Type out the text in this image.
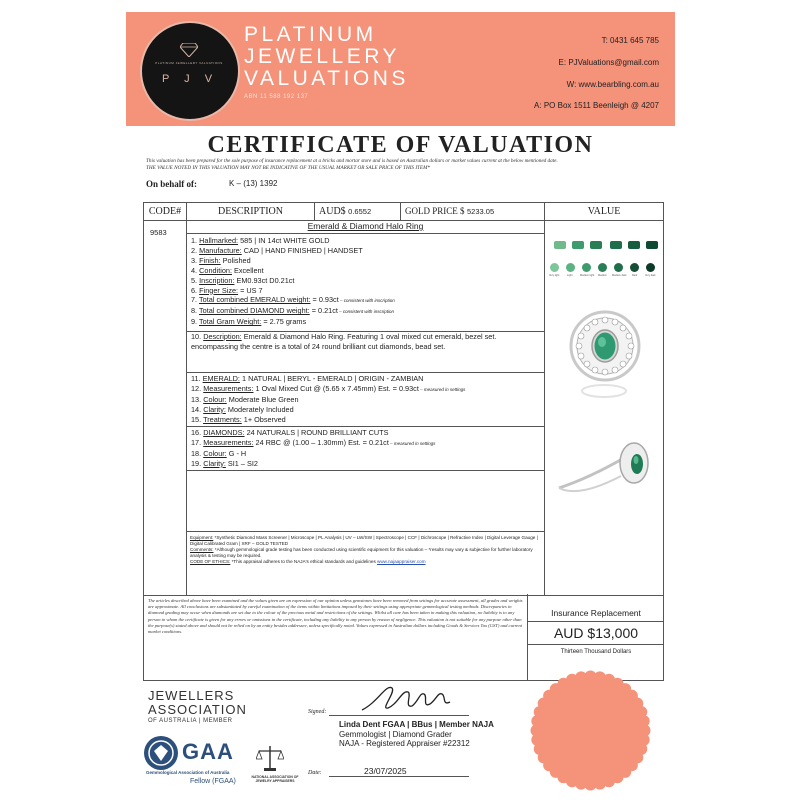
PLATINUM JEWELLERY VALUATIONS
P J V
PLATINUM
JEWELLERY
VALUATIONS
ABN 11 588 192 137
T: 0431 645 785
E: PJValuations@gmail.com
W: www.bearbling.com.au
A: PO Box 1511 Beenleigh @ 4207
CERTIFICATE OF VALUATION
This valuation has been prepared for the sole purpose of insurance replacement at a bricks and mortar store and is based on Australian dollars or market values current at the below mentioned date.
THE VALUE NOTED IN THIS VALUATION MAY NOT BE INDICATIVE OF THE USUAL MARKET OR SALE PRICE OF THIS ITEM*
On behalf of:	K – (13) 1392
CODE#	DESCRIPTION	AUD$ 0.6552	GOLD PRICE $ 5233.05	VALUE
9583
Emerald & Diamond Halo Ring
1. Hallmarked: 585 | IN 14ct WHITE GOLD
2. Manufacture: CAD | HAND FINISHED | HANDSET
3. Finish: Polished
4. Condition: Excellent
5. Inscription: EM0.93ct D0.21ct
6. Finger Size: = US 7
7. Total combined EMERALD weight: = 0.93ct – consistent with inscription
8. Total combined DIAMOND weight: = 0.21ct – consistent with inscription
9. Total Gram Weight: = 2.75 grams
10. Description: Emerald & Diamond Halo Ring. Featuring 1 oval mixed cut emerald, bezel set. encompassing the centre is a total of 24 round brilliant cut diamonds, bead set.
11. EMERALD: 1 NATURAL | BERYL - EMERALD | ORIGIN - ZAMBIAN
12. Measurements: 1 Oval Mixed Cut @ (5.65 x 7.45mm) Est. = 0.93ct – measured in settings
13. Colour: Moderate Blue Green
14. Clarity: Moderately Included
15. Treatments: 1+ Observed
16. DIAMONDS: 24 NATURALS | ROUND BRILLIANT CUTS
17. Measurements: 24 RBC @ (1.00 – 1.30mm) Est. = 0.21ct – measured in settings
18. Colour: G - H
19. Clarity: SI1 – SI2
Equipment: *Synthetic Diamond Mass Screener | Microscope | PL Analysis | UV – LW/SW | Spectroscope | CCF | Dichroscope | Refractive Index | Digital Leverage Gauge | Digital Calibrated Gram | XRF – GOLD TESTED
Comments: *Although gemmological grade testing has been conducted using scientific equipment for this valuation – *results may vary & subjective for further laboratory analysis & testing may be required.
CODE OF ETHICS: *This appraisal adheres to the NAJA's ethical standards and guidelines www.najaappraiser.com
Very light	Light	Medium light Medium Medium dark Dark	Very dark
The articles described above have been examined and the values given are an expression of our opinion unless gemstones have been removed from settings for accurate assessment, all grades and weights are approximate. All conclusions are substantiated by careful examination of the items within limitations imposed by their settings using appropriate gemmological testing methods. Discrepancies in diamond grading may occur when diamonds are set due to the colour of the precious metal and restrictions of the settings. Whilst all care has been taken in making this valuation, no liability is to any person to whom the certificate is given for any errors or omissions in the certificate, including any liability to any person by reason of negligence. This valuation is not suitable for any purpose other than the purpose(s) stated above and should not be relied on by an entity besides addressee, unless specifically noted. Values expressed in Australian dollars including Goods & Services Tax (GST) and current market conditions.
Insurance Replacement
AUD $13,000
Thirteen Thousand Dollars
JEWELLERS
ASSOCIATION
OF AUSTRALIA | MEMBER
GAA
Gemmological Association of Australia
Fellow (FGAA)
NATIONAL ASSOCIATION OF JEWELRY APPRAISERS
Signed:
Linda Dent FGAA | BBus | Member NAJA
Gemmologist | Diamond Grader
NAJA - Registered Appraiser #22312
Date:	23/07/2025
